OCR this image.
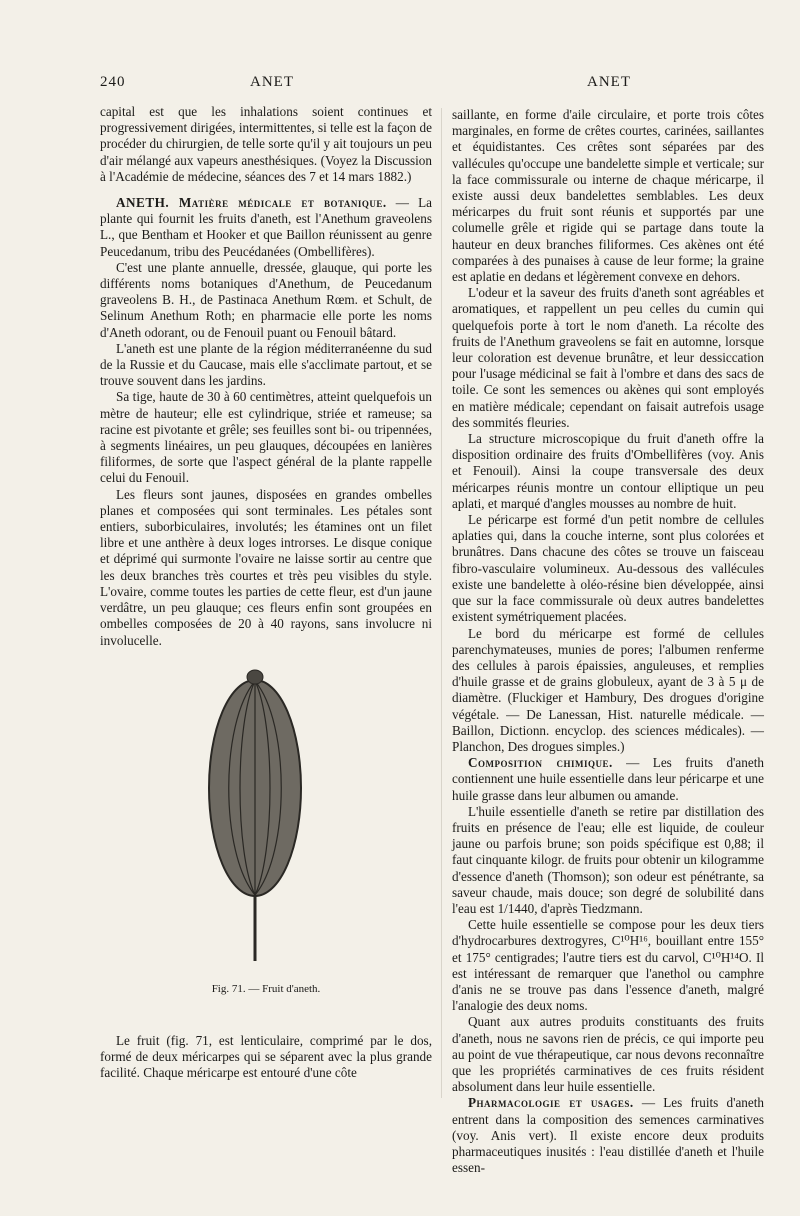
240	ANET	ANET

capital est que les inhalations soient continues et progressivement dirigées, intermittentes, si telle est la façon de procéder du chirurgien, de telle sorte qu'il y ait toujours un peu d'air mélangé aux vapeurs anesthésiques. (Voyez la Discussion à l'Académie de médecine, séances des 7 et 14 mars 1882.)

ANETH. Matière médicale et botanique. — La plante qui fournit les fruits d'aneth, est l'Anethum graveolens L., que Bentham et Hooker et que Baillon réunissent au genre Peucedanum, tribu des Peucédanées (Ombellifères).

C'est une plante annuelle, dressée, glauque, qui porte les différents noms botaniques d'Anethum, de Peucedanum graveolens B. H., de Pastinaca Anethum Rœm. et Schult, de Selinum Anethum Roth; en pharmacie elle porte les noms d'Aneth odorant, ou de Fenouil puant ou Fenouil bâtard.

L'aneth est une plante de la région méditerranéenne du sud de la Russie et du Caucase, mais elle s'acclimate partout, et se trouve souvent dans les jardins.

Sa tige, haute de 30 à 60 centimètres, atteint quelquefois un mètre de hauteur; elle est cylindrique, striée et rameuse; sa racine est pivotante et grêle; ses feuilles sont bi- ou tripennées, à segments linéaires, un peu glauques, découpées en lanières filiformes, de sorte que l'aspect général de la plante rappelle celui du Fenouil.

Les fleurs sont jaunes, disposées en grandes ombelles planes et composées qui sont terminales. Les pétales sont entiers, suborbiculaires, involutés; les étamines ont un filet libre et une anthère à deux loges introrses. Le disque conique et déprimé qui surmonte l'ovaire ne laisse sortir au centre que les deux branches très courtes et très peu visibles du style. L'ovaire, comme toutes les parties de cette fleur, est d'un jaune verdâtre, un peu glauque; ces fleurs enfin sont groupées en ombelles composées de 20 à 40 rayons, sans involucre ni involucelle.

Fig. 71. — Fruit d'aneth.

Le fruit (fig. 71, est lenticulaire, comprimé par le dos, formé de deux méricarpes qui se séparent avec la plus grande facilité. Chaque méricarpe est entouré d'une côte

saillante, en forme d'aile circulaire, et porte trois côtes marginales, en forme de crêtes courtes, carinées, saillantes et équidistantes. Ces crêtes sont séparées par des vallécules qu'occupe une bandelette simple et verticale; sur la face commissurale ou interne de chaque méricarpe, il existe aussi deux bandelettes semblables. Les deux méricarpes du fruit sont réunis et supportés par une columelle grêle et rigide qui se partage dans toute la hauteur en deux branches filiformes. Ces akènes ont été comparées à des punaises à cause de leur forme; la graine est aplatie en dedans et légèrement convexe en dehors.

L'odeur et la saveur des fruits d'aneth sont agréables et aromatiques, et rappellent un peu celles du cumin qui quelquefois porte à tort le nom d'aneth. La récolte des fruits de l'Anethum graveolens se fait en automne, lorsque leur coloration est devenue brunâtre, et leur dessiccation pour l'usage médicinal se fait à l'ombre et dans des sacs de toile. Ce sont les semences ou akènes qui sont employés en matière médicale; cependant on faisait autrefois usage des sommités fleuries.

La structure microscopique du fruit d'aneth offre la disposition ordinaire des fruits d'Ombellifères (voy. Anis et Fenouil). Ainsi la coupe transversale des deux méricarpes réunis montre un contour elliptique un peu aplati, et marqué d'angles mousses au nombre de huit.

Le péricarpe est formé d'un petit nombre de cellules aplaties qui, dans la couche interne, sont plus colorées et brunâtres. Dans chacune des côtes se trouve un faisceau fibro-vasculaire volumineux. Au-dessous des vallécules existe une bandelette à oléo-résine bien développée, ainsi que sur la face commissurale où deux autres bandelettes existent symétriquement placées.

Le bord du méricarpe est formé de cellules parenchymateuses, munies de pores; l'albumen renferme des cellules à parois épaissies, anguleuses, et remplies d'huile grasse et de grains globuleux, ayant de 3 à 5 μ de diamètre. (Fluckiger et Hambury, Des drogues d'origine végétale. — De Lanessan, Hist. naturelle médicale. — Baillon, Dictionn. encyclop. des sciences médicales). — Planchon, Des drogues simples.)

Composition chimique. — Les fruits d'aneth contiennent une huile essentielle dans leur péricarpe et une huile grasse dans leur albumen ou amande.

L'huile essentielle d'aneth se retire par distillation des fruits en présence de l'eau; elle est liquide, de couleur jaune ou parfois brune; son poids spécifique est 0,88; il faut cinquante kilogr. de fruits pour obtenir un kilogramme d'essence d'aneth (Thomson); son odeur est pénétrante, sa saveur chaude, mais douce; son degré de solubilité dans l'eau est 1/1440, d'après Tiedzmann.

Cette huile essentielle se compose pour les deux tiers d'hydrocarbures dextrogyres, C¹⁰H¹⁶, bouillant entre 155° et 175° centigrades; l'autre tiers est du carvol, C¹⁰H¹⁴O. Il est intéressant de remarquer que l'anethol ou camphre d'anis ne se trouve pas dans l'essence d'aneth, malgré l'analogie des deux noms.

Quant aux autres produits constituants des fruits d'aneth, nous ne savons rien de précis, ce qui importe peu au point de vue thérapeutique, car nous devons reconnaître que les propriétés carminatives de ces fruits résident absolument dans leur huile essentielle.

Pharmacologie et usages. — Les fruits d'aneth entrent dans la composition des semences carminatives (voy. Anis vert). Il existe encore deux produits pharmaceutiques inusités : l'eau distillée d'aneth et l'huile essen-
